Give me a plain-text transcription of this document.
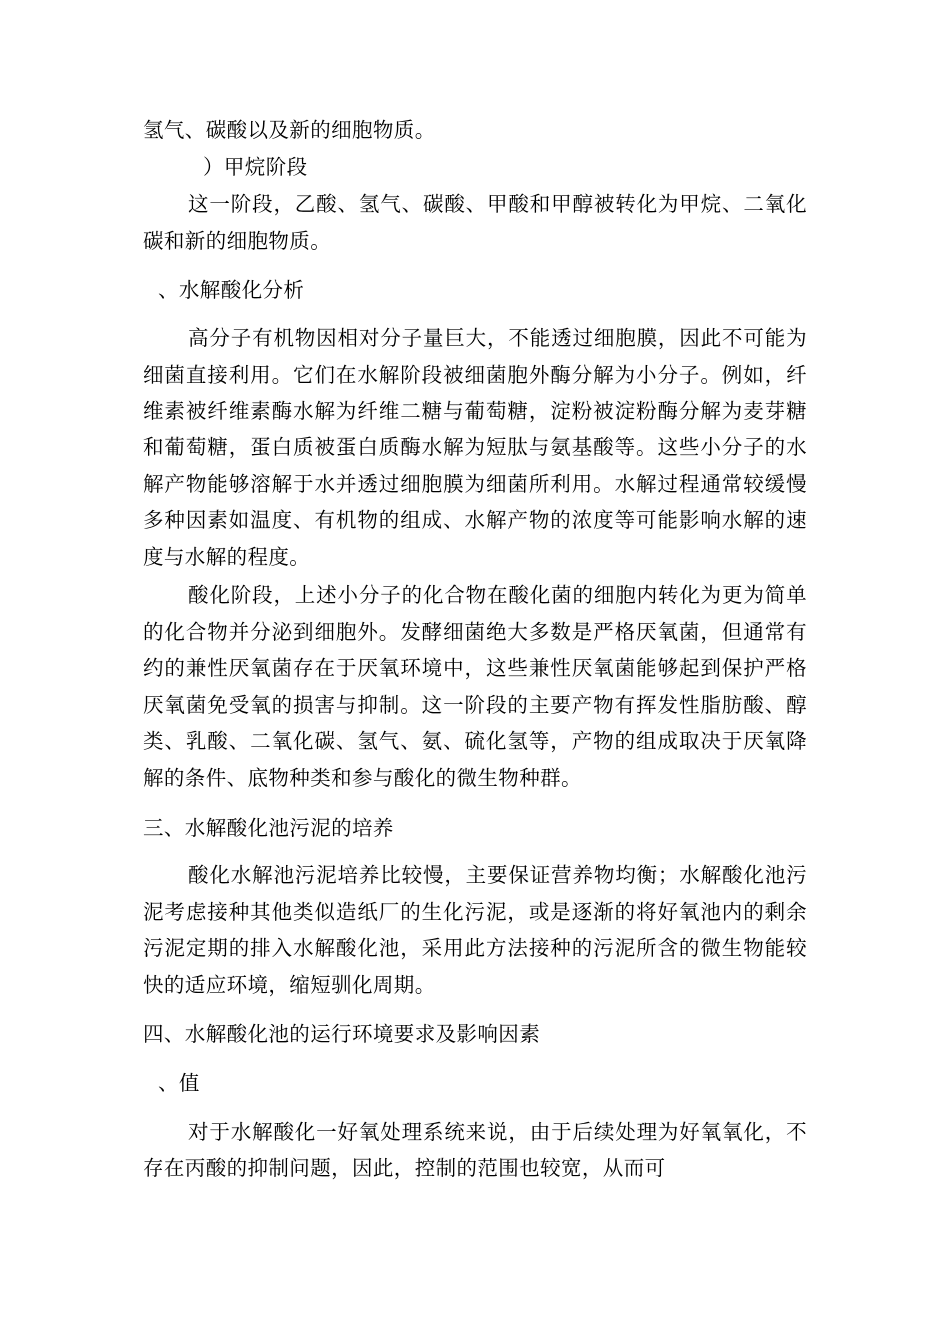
氢气、碳酸以及新的细胞物质。
）甲烷阶段
这一阶段，乙酸、氢气、碳酸、甲酸和甲醇被转化为甲烷、二氧化
碳和新的细胞物质。
、水解酸化分析
高分子有机物因相对分子量巨大，不能透过细胞膜，因此不可能为
细菌直接利用。它们在水解阶段被细菌胞外酶分解为小分子。例如，纤
维素被纤维素酶水解为纤维二糖与葡萄糖，淀粉被淀粉酶分解为麦芽糖
和葡萄糖，蛋白质被蛋白质酶水解为短肽与氨基酸等。这些小分子的水
解产物能够溶解于水并透过细胞膜为细菌所利用。水解过程通常较缓慢
多种因素如温度、有机物的组成、水解产物的浓度等可能影响水解的速
度与水解的程度。
酸化阶段，上述小分子的化合物在酸化菌的细胞内转化为更为简单
的化合物并分泌到细胞外。发酵细菌绝大多数是严格厌氧菌，但通常有
约的兼性厌氧菌存在于厌氧环境中，这些兼性厌氧菌能够起到保护严格
厌氧菌免受氧的损害与抑制。这一阶段的主要产物有挥发性脂肪酸、醇
类、乳酸、二氧化碳、氢气、氨、硫化氢等，产物的组成取决于厌氧降
解的条件、底物种类和参与酸化的微生物种群。
三、水解酸化池污泥的培养
酸化水解池污泥培养比较慢，主要保证营养物均衡；水解酸化池污
泥考虑接种其他类似造纸厂的生化污泥，或是逐渐的将好氧池内的剩余
污泥定期的排入水解酸化池，采用此方法接种的污泥所含的微生物能较
快的适应环境，缩短驯化周期。
四、水解酸化池的运行环境要求及影响因素
、值
对于水解酸化一好氧处理系统来说，由于后续处理为好氧氧化，不
存在丙酸的抑制问题，因此，控制的范围也较宽，从而可
